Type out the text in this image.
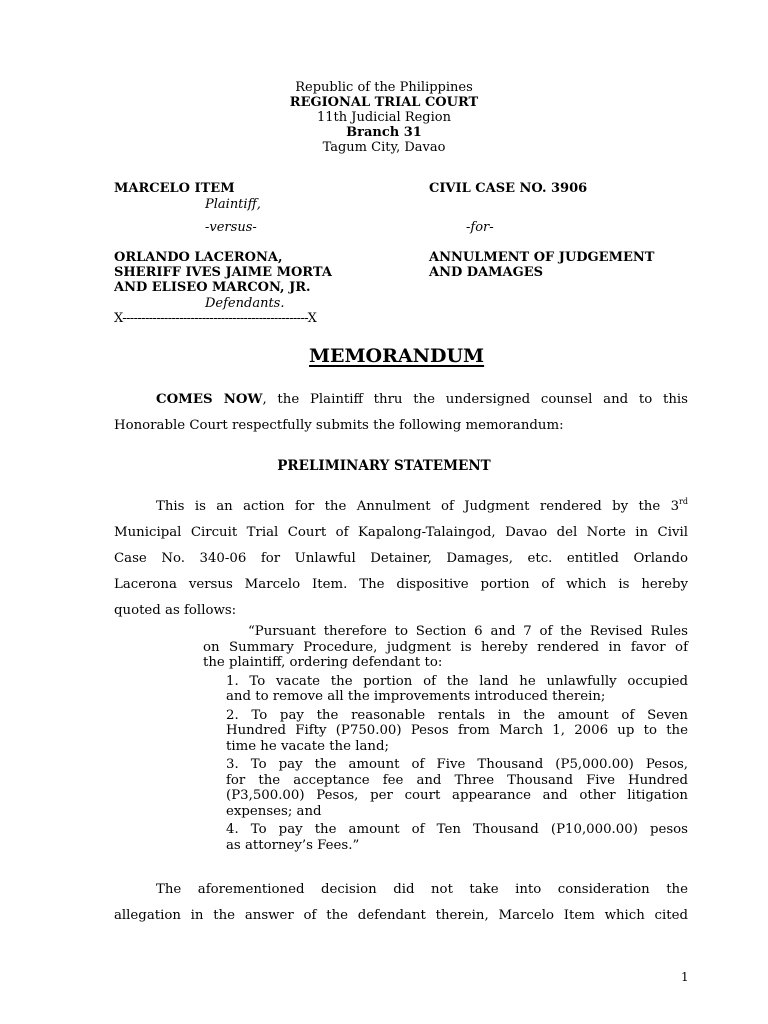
Republic of the Philippines
REGIONAL TRIAL COURT
11th Judicial Region
Branch 31
Tagum City, Davao
MARCELO ITEM
Plaintiff,
-versus-
ORLANDO LACERONA,
SHERIFF IVES JAIME MORTA
AND ELISEO MARCON, JR.
Defendants.
X-------------------------------------------------X
CIVIL CASE NO. 3906
-for-
ANNULMENT OF JUDGEMENT
AND DAMAGES
MEMORANDUM
COMES NOW, the Plaintiff thru the undersigned counsel and to this
Honorable Court respectfully submits the following memorandum:
PRELIMINARY STATEMENT
This is an action for the Annulment of Judgment rendered by the 3rd
Municipal Circuit Trial Court of Kapalong-Talaingod, Davao del Norte in Civil
Case No. 340-06 for Unlawful Detainer, Damages, etc. entitled Orlando
Lacerona versus Marcelo Item. The dispositive portion of which is hereby
quoted as follows:
“Pursuant therefore to Section 6 and 7 of the Revised Rules
on Summary Procedure, judgment is hereby rendered in favor of
the plaintiff, ordering defendant to:
1. To vacate the portion of the land he unlawfully occupied
and to remove all the improvements introduced therein;
2. To pay the reasonable rentals in the amount of Seven
Hundred Fifty (P750.00) Pesos from March 1, 2006 up to the
time he vacate the land;
3. To pay the amount of Five Thousand (P5,000.00) Pesos,
for the acceptance fee and Three Thousand Five Hundred
(P3,500.00) Pesos, per court appearance and other litigation
expenses; and
4. To pay the amount of Ten Thousand (P10,000.00) pesos
as attorney’s Fees.”
The aforementioned decision did not take into consideration the
allegation in the answer of the defendant therein, Marcelo Item which cited
1
